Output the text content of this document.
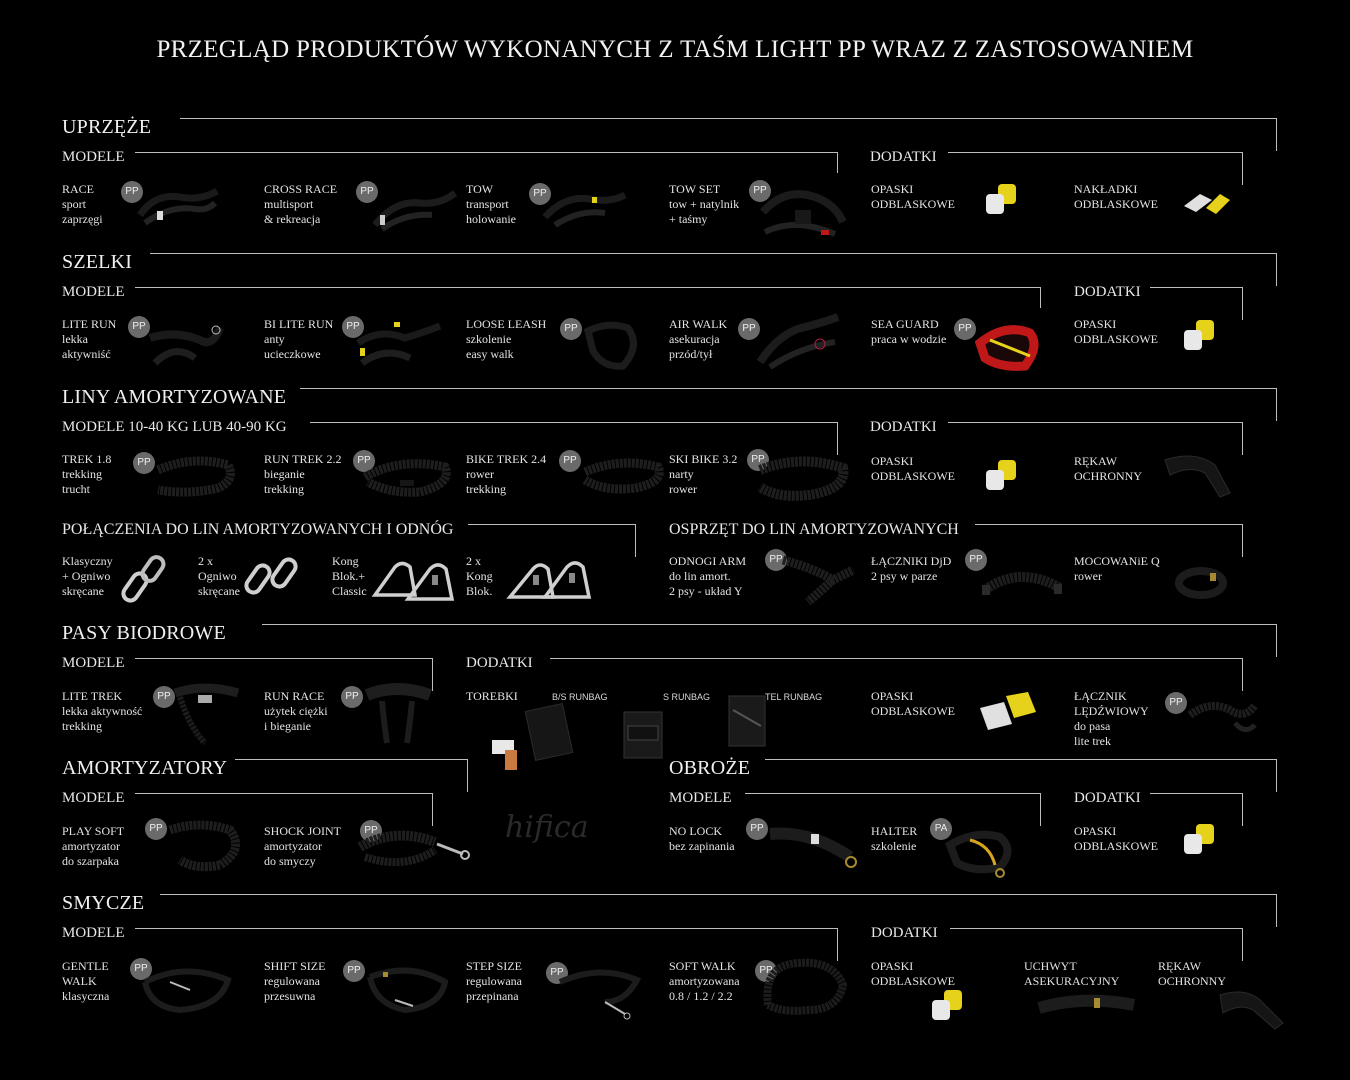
PRZEGLĄD PRODUKTÓW WYKONANYCH Z TAŚM LIGHT PP WRAZ Z ZASTOSOWANIEM
UPRZĘŻE
MODELE	DODATKI
RACE
sport
zaprzęgi
PP	CROSS RACE
multisport
& rekreacja
PP	TOW
transport
holowanie
PP	TOW SET
tow + natylnik
+ taśmy
PP	OPASKI
ODBLASKOWE
NAKŁADKI
ODBLASKOWE
SZELKI
MODELE	DODATKI
LITE RUN
lekka
aktywniść
PP	BI LITE RUN
anty
ucieczkowe
PP	LOOSE LEASH
szkolenie
easy walk
PP	AIR WALK
asekuracja
przód/tył
PP	SEA GUARD
praca w wodzie
PP	OPASKI
ODBLASKOWE
LINY AMORTYZOWANE
MODELE 10-40 KG LUB 40-90 KG	DODATKI
TREK 1.8
trekking
trucht
PP	RUN TREK 2.2
bieganie
trekking
PP	BIKE TREK 2.4
rower
trekking
PP	SKI BIKE 3.2
narty
rower
PP	OPASKI
ODBLASKOWE
RĘKAW
OCHRONNY
POŁĄCZENIA DO LIN AMORTYZOWANYCH I ODNÓG
Klasyczny
+ Ogniwo
skręcane
2 x
Ogniwo
skręcane
Kong
Blok.+
Classic
2 x
Kong
Blok.
OSPRZĘT DO LIN AMORTYZOWANYCH
ODNOGI ARM
do lin amort.
2 psy - układ Y
PP	ŁĄCZNIKI DjD
2 psy w parze
PP	MOCOWANiE Q
rower
PASY BIODROWE
MODELE	DODATKI
LITE TREK
lekka aktywność
trekking
PP	RUN RACE
użytek ciężki
i bieganie
PP	TOREBKI	B/S RUNBAG	S RUNBAG	TEL RUNBAG	OPASKI
ODBLASKOWE
ŁĄCZNIK
LĘDŹWIOWY
do pasa
lite trek
PP
AMORTYZATORY
MODELE
PLAY SOFT
amortyzator
do szarpaka
PP	SHOCK JOINT
amortyzator
do smyczy
PP	hifica
OBROŻE
MODELE	DODATKI
NO LOCK
bez zapinania
PP	HALTER
szkolenie
PA	OPASKI
ODBLASKOWE
SMYCZE
MODELE	DODATKI
GENTLE
WALK
klasyczna
PP	SHIFT SIZE
regulowana
przesuwna
PP	STEP SIZE
regulowana
przepinana
PP	SOFT WALK
amortyzowana
0.8 / 1.2 / 2.2
PP	OPASKI
ODBLASKOWE
UCHWYT
ASEKURACYJNY
RĘKAW
OCHRONNY
